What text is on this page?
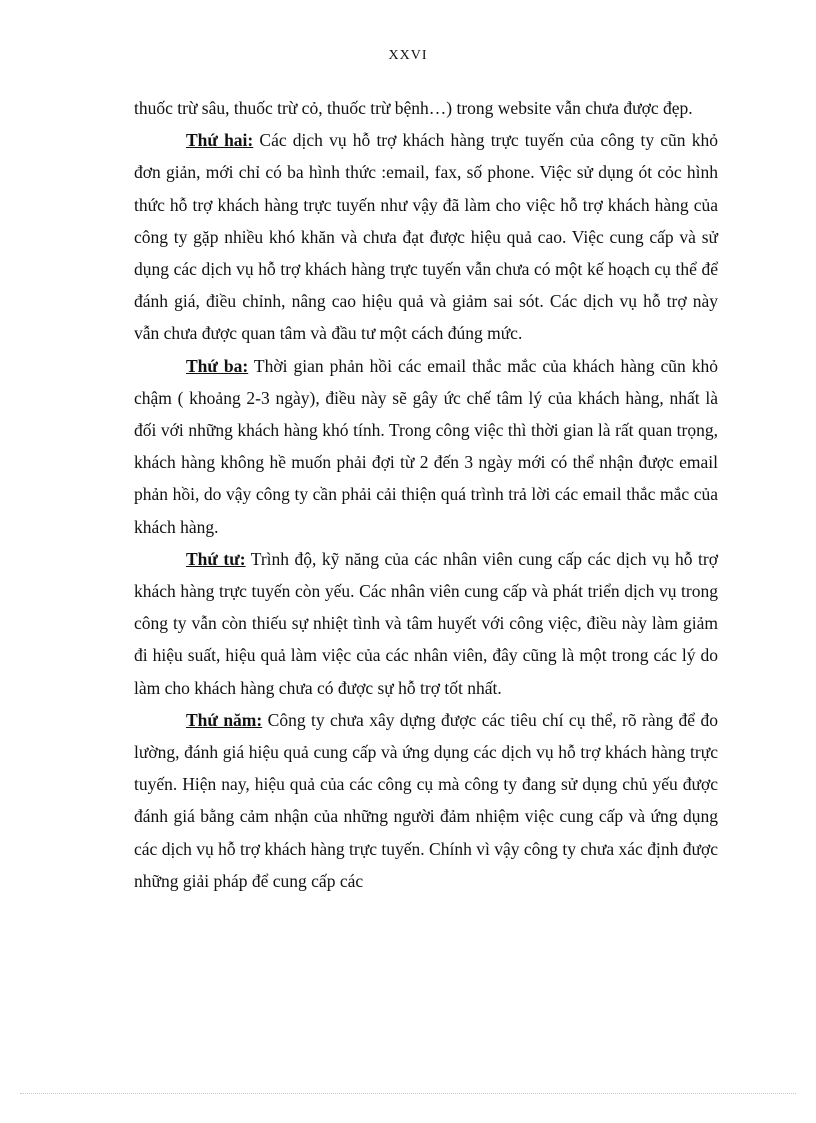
XXVI

thuốc trừ sâu, thuốc trừ cỏ, thuốc trừ bệnh…) trong website vẫn chưa được đẹp.

Thứ hai: Các dịch vụ hỗ trợ khách hàng trực tuyến của công ty cũn khỏ đơn giản, mới chỉ có ba hình thức :email, fax, số phone. Việc sử dụng ót cỏc hình thức hỗ trợ khách hàng trực tuyến như vậy đã làm cho việc hỗ trợ khách hàng của công ty gặp nhiều khó khăn và chưa đạt được hiệu quả cao. Việc cung cấp và sử dụng các dịch vụ hỗ trợ khách hàng trực tuyến vẫn chưa có một kế hoạch cụ thể để đánh giá, điều chỉnh, nâng cao hiệu quả và giảm sai sót. Các dịch vụ hỗ trợ này vẫn chưa được quan tâm và đầu tư một cách đúng mức.

Thứ ba: Thời gian phản hồi các email thắc mắc của khách hàng cũn khỏ chậm ( khoảng 2-3 ngày), điều này sẽ gây ức chế tâm lý của khách hàng, nhất là đối với những khách hàng khó tính. Trong công việc thì thời gian là rất quan trọng, khách hàng không hề muốn phải đợi từ 2 đến 3 ngày mới có thể nhận được email phản hồi, do vậy công ty cần phải cải thiện quá trình trả lời các email thắc mắc của khách hàng.

Thứ tư: Trình độ, kỹ năng của các nhân viên cung cấp các dịch vụ hỗ trợ khách hàng trực tuyến còn yếu. Các nhân viên cung cấp và phát triển dịch vụ trong công ty vẫn còn thiếu sự nhiệt tình và tâm huyết với công việc, điều này làm giảm đi hiệu suất, hiệu quả làm việc của các nhân viên, đây cũng là một trong các lý do làm cho khách hàng chưa có được sự hỗ trợ tốt nhất.

Thứ năm: Công ty chưa xây dựng được các tiêu chí cụ thể, rõ ràng để đo lường, đánh giá hiệu quả cung cấp và ứng dụng các dịch vụ hỗ trợ khách hàng trực tuyến. Hiện nay, hiệu quả của các công cụ mà công ty đang sử dụng chủ yếu được đánh giá bằng cảm nhận của những người đảm nhiệm việc cung cấp và ứng dụng các dịch vụ hỗ trợ khách hàng trực tuyến. Chính vì vậy công ty chưa xác định được những giải pháp để cung cấp các
